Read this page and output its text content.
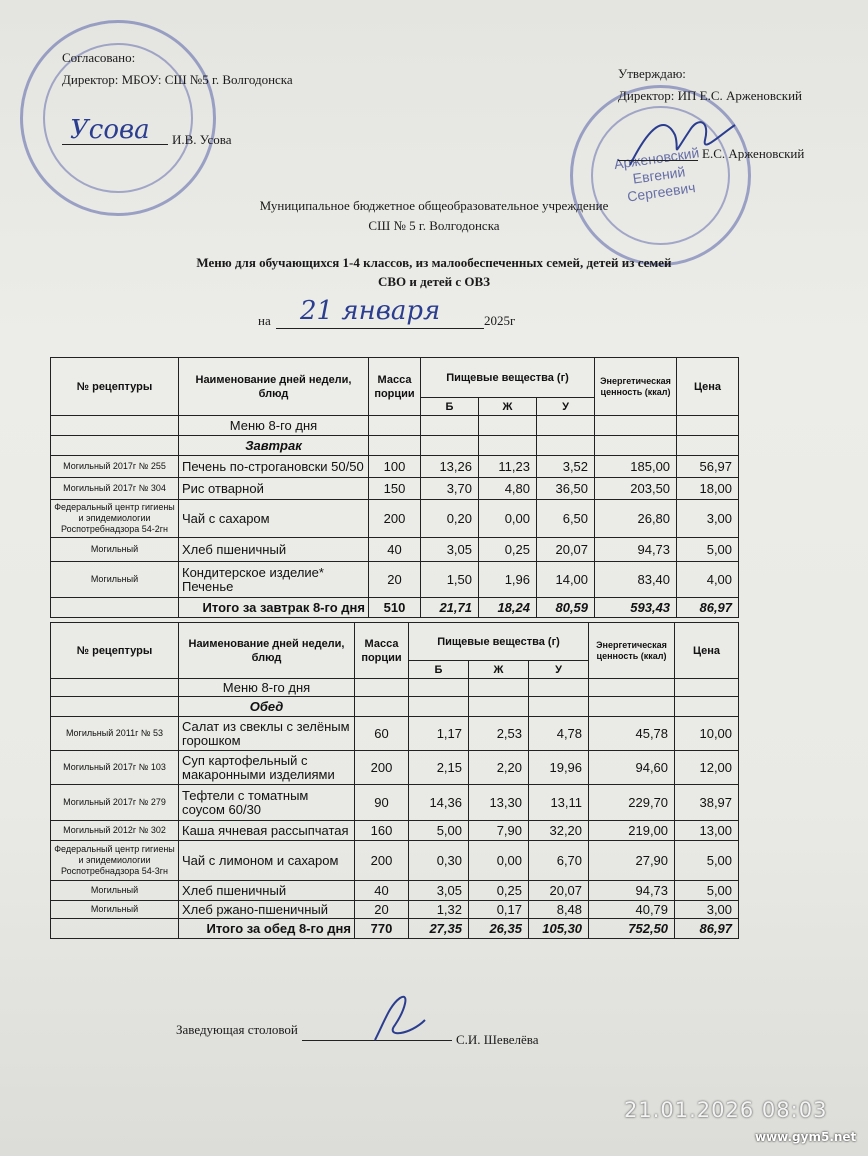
Арженовский Евгений Сергеевич
Согласовано:
Директор: МБОУ: СШ №5 г. Волгодонска
Усова И.В. Усова
Утверждаю:
Директор: ИП Е.С. Арженовский
Е.С. Арженовский
Муниципальное бюджетное общеобразовательное учреждение
СШ № 5 г. Волгодонска
Меню для обучающихся 1-4 классов, из малообеспеченных семей, детей из семей
СВО и детей с ОВЗ
на 21 января	2025г
№ рецептуры	Наименование дней недели, блюд	Масса порции	Пищевые вещества (г)			Энергетическая ценность (ккал)	Цена
			Б	Ж	У		
	Меню 8-го дня						
	Завтрак						
Могильный 2017г № 255	Печень по-строгановски 50/50	100	13,26	11,23	3,52	185,00	56,97
Могильный 2017г № 304	Рис отварной	150	3,70	4,80	36,50	203,50	18,00
Федеральный центр гигиены и эпидемиологии Роспотребнадзора 54-2гн	Чай с сахаром	200	0,20	0,00	6,50	26,80	3,00
Могильный	Хлеб пшеничный	40	3,05	0,25	20,07	94,73	5,00
Могильный	Кондитерское изделие* Печенье	20	1,50	1,96	14,00	83,40	4,00
	Итого за завтрак 8-го дня	510	21,71	18,24	80,59	593,43	86,97
№ рецептуры	Наименование дней недели, блюд	Масса порции	Пищевые вещества (г)			Энергетическая ценность (ккал)	Цена
			Б	Ж	У		
	Меню 8-го дня						
	Обед						
Могильный 2011г № 53	Салат из свеклы с зелёным горошком	60	1,17	2,53	4,78	45,78	10,00
Могильный 2017г № 103	Суп картофельный с макаронными изделиями	200	2,15	2,20	19,96	94,60	12,00
Могильный 2017г № 279	Тефтели с томатным соусом 60/30	90	14,36	13,30	13,11	229,70	38,97
Могильный 2012г № 302	Каша ячневая рассыпчатая	160	5,00	7,90	32,20	219,00	13,00
Федеральный центр гигиены и эпидемиологии Роспотребнадзора 54-3гн	Чай с лимоном и сахаром	200	0,30	0,00	6,70	27,90	5,00
Могильный	Хлеб пшеничный	40	3,05	0,25	20,07	94,73	5,00
Могильный	Хлеб ржано-пшеничный	20	1,32	0,17	8,48	40,79	3,00
	Итого за обед 8-го дня	770	27,35	26,35	105,30	752,50	86,97
Заведующая столовой
С.И. Шевелёва
21.01.2026 08:03
www.gym5.net
